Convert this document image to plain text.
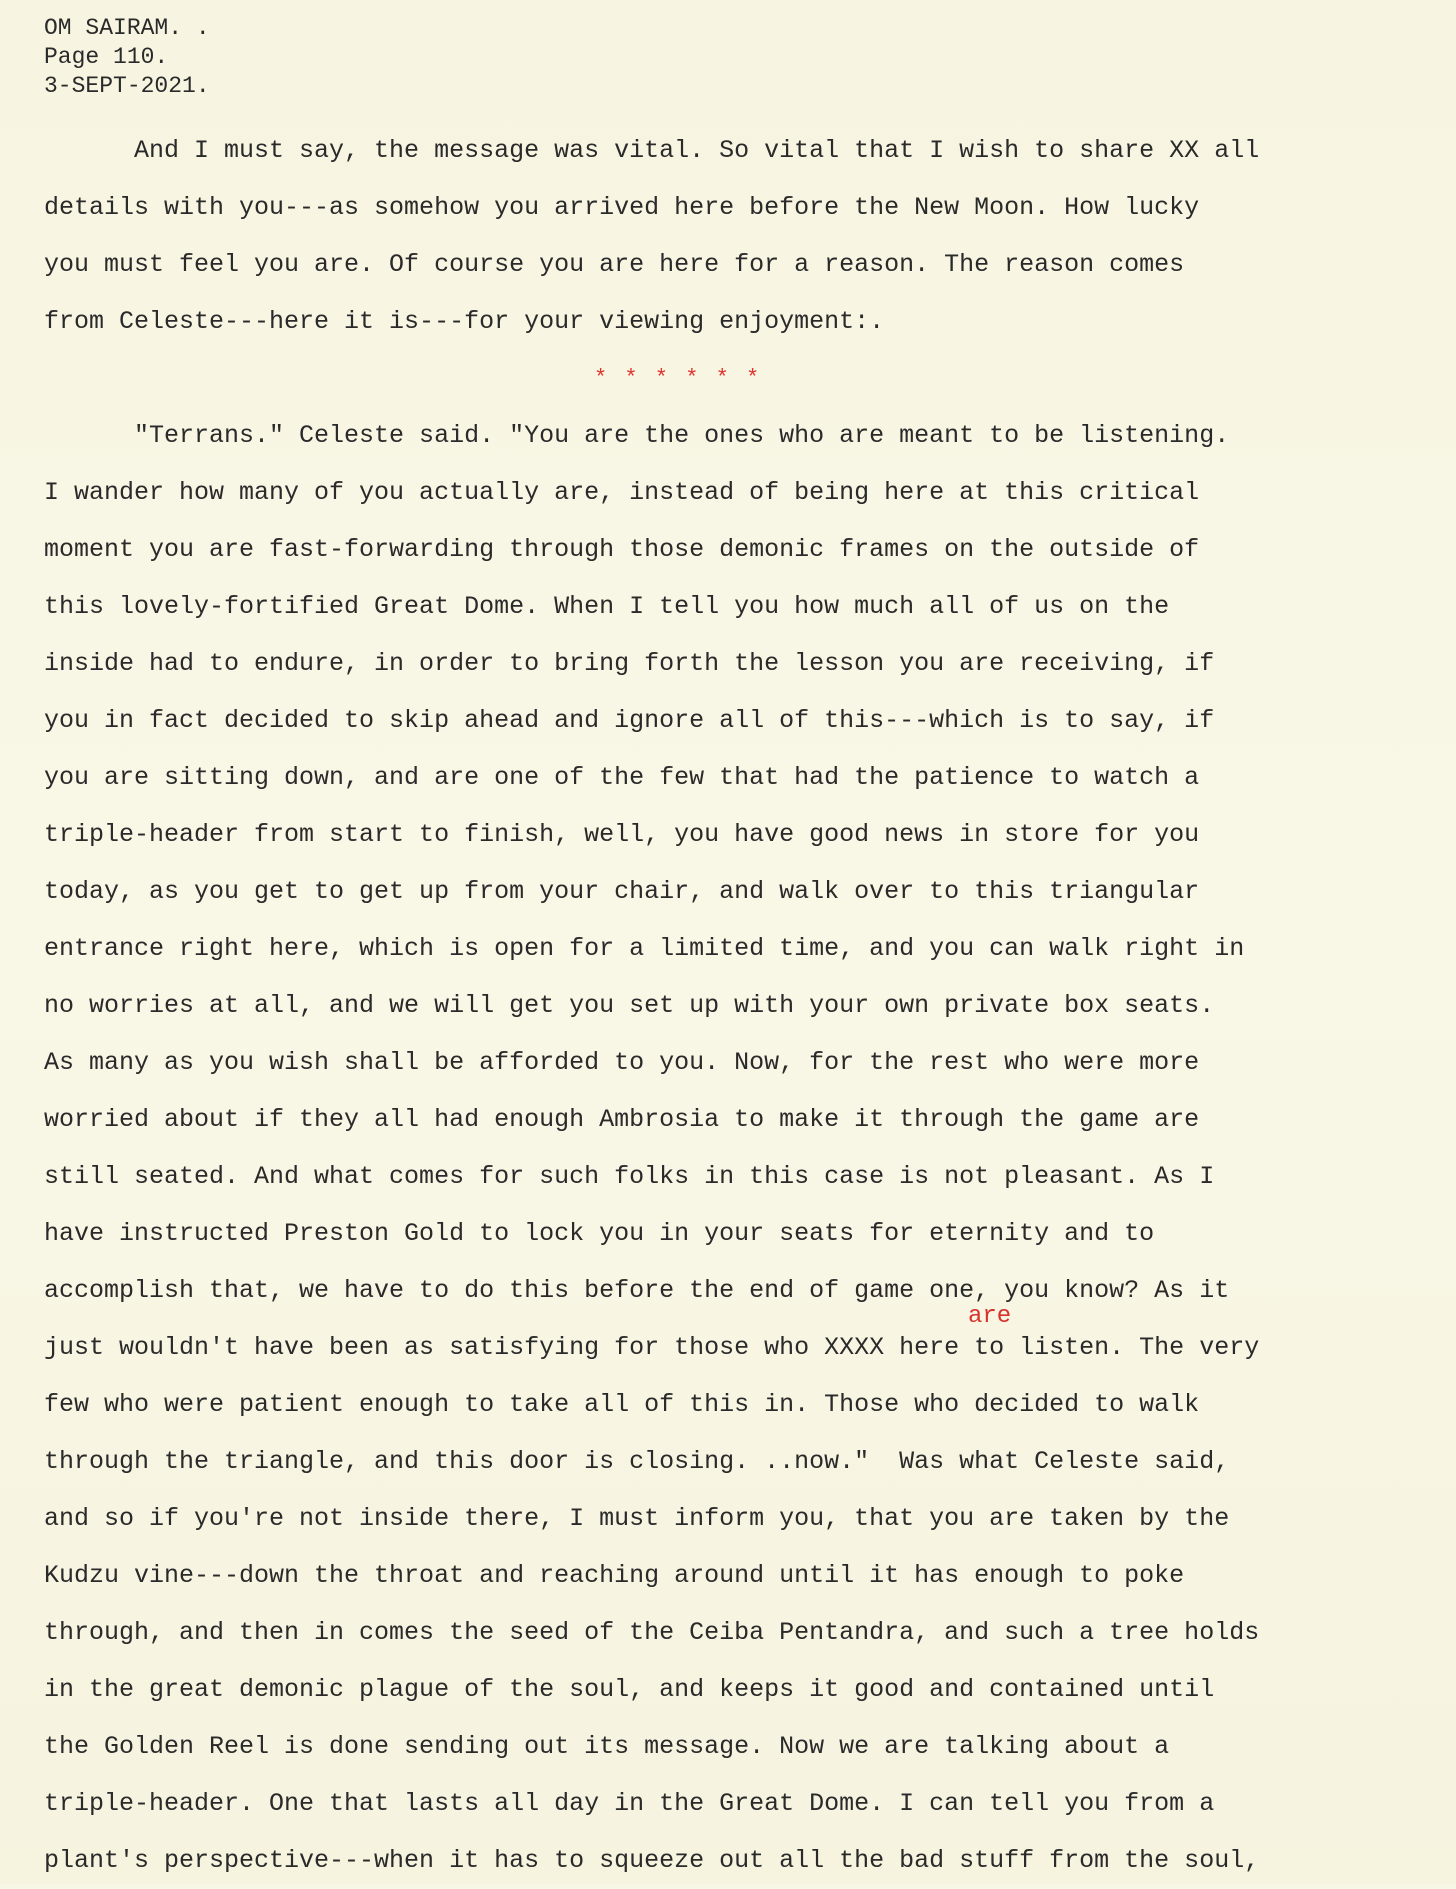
OM SAIRAM. .
Page 110.
3-SEPT-2021.
are
And I must say, the message was vital. So vital that I wish to share XX all
details with you---as somehow you arrived here before the New Moon. How lucky
you must feel you are. Of course you are here for a reason. The reason comes
from Celeste---here it is---for your viewing enjoyment:.
* * * * * *
"Terrans." Celeste said. "You are the ones who are meant to be listening.
I wander how many of you actually are, instead of being here at this critical
moment you are fast-forwarding through those demonic frames on the outside of
this lovely-fortified Great Dome. When I tell you how much all of us on the
inside had to endure, in order to bring forth the lesson you are receiving, if
you in fact decided to skip ahead and ignore all of this---which is to say, if
you are sitting down, and are one of the few that had the patience to watch a
triple-header from start to finish, well, you have good news in store for you
today, as you get to get up from your chair, and walk over to this triangular
entrance right here, which is open for a limited time, and you can walk right in
no worries at all, and we will get you set up with your own private box seats.
As many as you wish shall be afforded to you. Now, for the rest who were more
worried about if they all had enough Ambrosia to make it through the game are
still seated. And what comes for such folks in this case is not pleasant. As I
have instructed Preston Gold to lock you in your seats for eternity and to
accomplish that, we have to do this before the end of game one, you know? As it
just wouldn't have been as satisfying for those who XXXX here to listen. The very
few who were patient enough to take all of this in. Those who decided to walk
through the triangle, and this door is closing. ..now."  Was what Celeste said,
and so if you're not inside there, I must inform you, that you are taken by the
Kudzu vine---down the throat and reaching around until it has enough to poke
through, and then in comes the seed of the Ceiba Pentandra, and such a tree holds
in the great demonic plague of the soul, and keeps it good and contained until
the Golden Reel is done sending out its message. Now we are talking about a
triple-header. One that lasts all day in the Great Dome. I can tell you from a
plant's perspective---when it has to squeeze out all the bad stuff from the soul,
